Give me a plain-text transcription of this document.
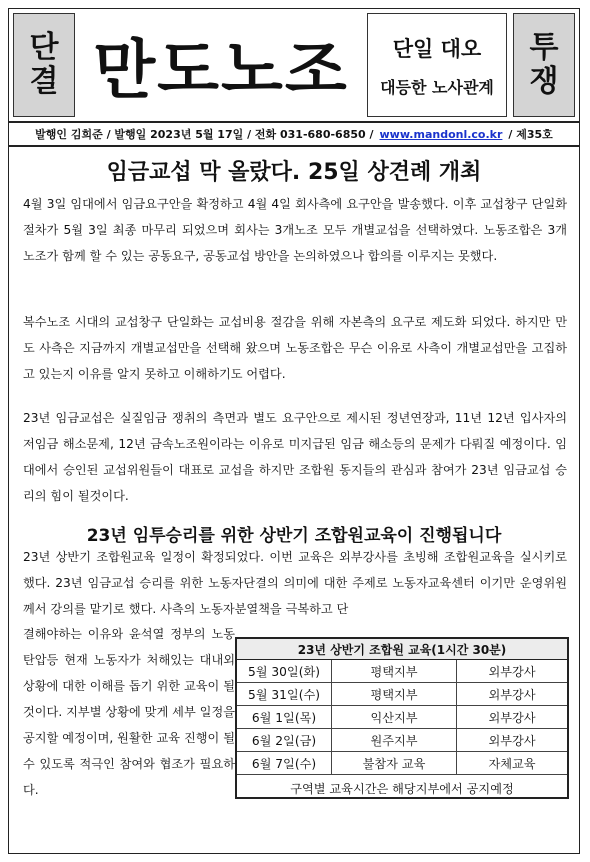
단
결 만도노조	단일 대오
대등한 노사관계
투
쟁
발행인 김희준 / 발행일 2023년 5월 17일 / 전화 031-680-6850 / www.mandonl.co.kr / 제35호
임금교섭 막 올랐다. 25일 상견례 개최

4월 3일 임대에서 임금요구안을 확정하고 4월 4일 회사측에 요구안을 발송했다. 이후 교섭창구 단일화절차가 5월 3일 최종 마무리 되었으며 회사는 3개노조 모두 개별교섭을 선택하였다. 노동조합은 3개 노조가 함께 할 수 있는 공동요구, 공동교섭 방안을 논의하였으나 합의를 이루지는 못했다.

복수노조 시대의 교섭창구 단일화는 교섭비용 절감을 위해 자본측의 요구로 제도화 되었다. 하지만 만도 사측은 지금까지 개별교섭만을 선택해 왔으며 노동조합은 무슨 이유로 사측이 개별교섭만을 고집하고 있는지 이유를 알지 못하고 이해하기도 어렵다.

23년 임금교섭은 실질임금 쟁취의 측면과 별도 요구안으로 제시된 정년연장과, 11년 12년 입사자의 저임금 해소문제, 12년 금속노조원이라는 이유로 미지급된 임금 해소등의 문제가 다뤄질 예정이다. 임대에서 승인된 교섭위원들이 대표로 교섭을 하지만 조합원 동지들의 관심과 참여가 23년 임금교섭 승리의 힘이 될것이다.

23년 임투승리를 위한 상반기 조합원교육이 진행됩니다

23년 상반기 조합원교육 일정이 확정되었다. 이번 교육은 외부강사를 초빙해 조합원교육을 실시키로 했다. 23년 임금교섭 승리를 위한 노동자단결의 의미에 대한 주제로 노동자교육센터 이기만 운영위원께서 강의를 맡기로 했다. 사측의 노동자분열책을 극복하고 단

결해야하는 이유와 윤석열 정부의 노동탄압등 현재 노동자가 처해있는 대내외 상황에 대한 이해를 돕기 위한 교육이 될 것이다. 지부별 상황에 맞게 세부 일정을 공지할 예정이며, 원활한 교육 진행이 될 수 있도록 적극인 참여와 협조가 필요하다.

23년 상반기 조합원 교육(1시간 30분)
5월 30일(화)	평택지부	외부강사
5월 31일(수)	평택지부	외부강사
6월 1일(목)	익산지부	외부강사
6월 2일(금)	원주지부	외부강사
6월 7일(수)	불참자 교육	자체교육
구역별 교육시간은 해당지부에서 공지예정
